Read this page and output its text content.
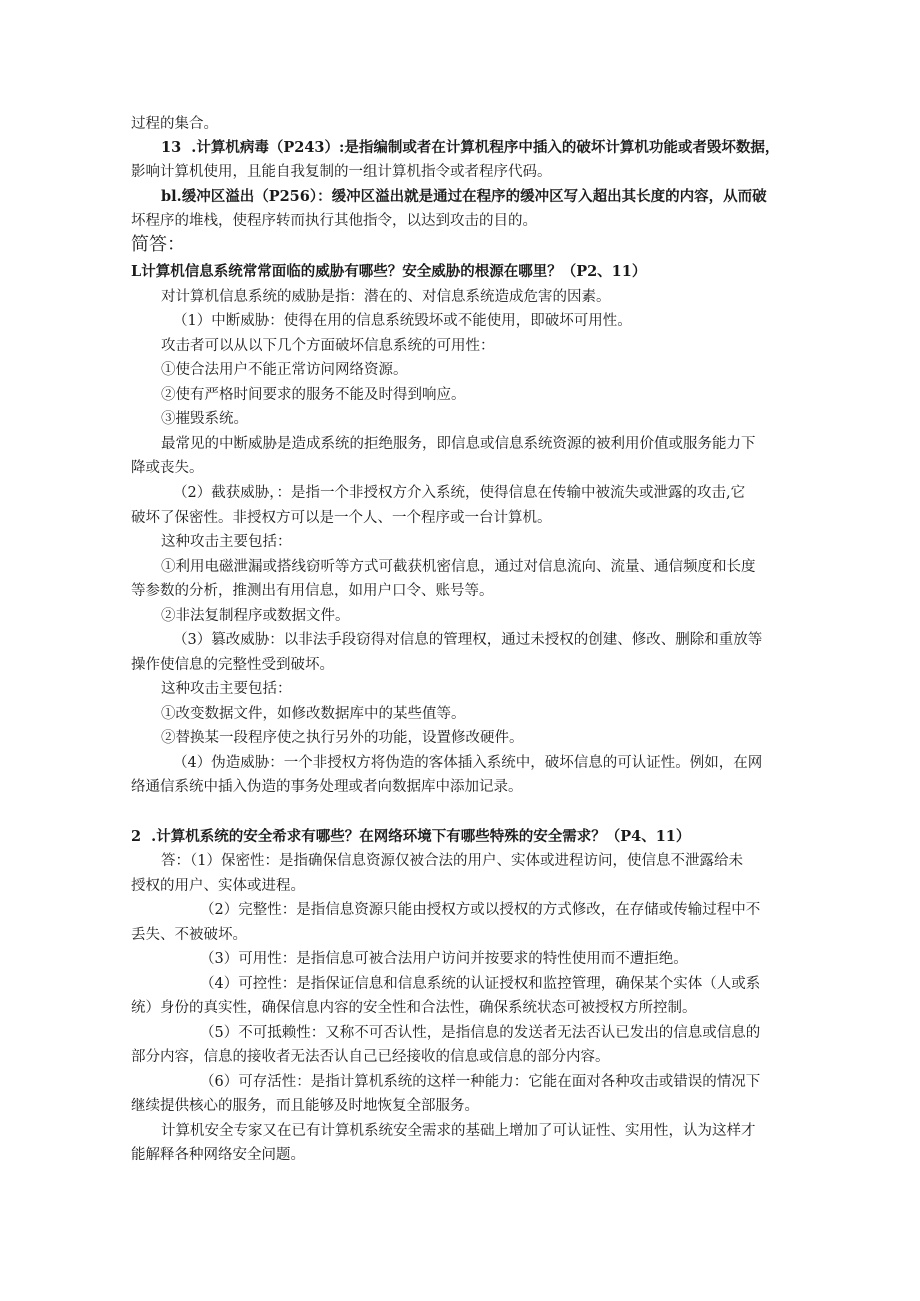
过程的集合。
13  .计算机病毒（P243）:是指编制或者在计算机程序中插入的破坏计算机功能或者毁坏数据，
影响计算机使用，且能自我复制的一组计算机指令或者程序代码。
bl.缓冲区溢出（P256）：缓冲区溢出就是通过在程序的缓冲区写入超出其长度的内容，从而破
坏程序的堆栈，使程序转而执行其他指令，以达到攻击的目的。
简答：
L计算机信息系统常常面临的威胁有哪些？安全威胁的根源在哪里？（P2、11）
对计算机信息系统的威胁是指：潜在的、对信息系统造成危害的因素。
（1）中断威胁：使得在用的信息系统毁坏或不能使用，即破坏可用性。
攻击者可以从以下几个方面破坏信息系统的可用性：
①使合法用户不能正常访问网络资源。
②使有严格时间要求的服务不能及时得到响应。
③摧毁系统。
最常见的中断威胁是造成系统的拒绝服务，即信息或信息系统资源的被利用价值或服务能力下
降或丧失。
（2）截获威胁，：是指一个非授权方介入系统，使得信息在传输中被流失或泄露的攻击,它
破坏了保密性。非授权方可以是一个人、一个程序或一台计算机。
这种攻击主要包括：
①利用电磁泄漏或搭线窃听等方式可截获机密信息，通过对信息流向、流量、通信频度和长度
等参数的分析，推测出有用信息，如用户口令、账号等。
②非法复制程序或数据文件。
（3）篡改威胁：以非法手段窃得对信息的管理权，通过未授权的创建、修改、删除和重放等
操作使信息的完整性受到破坏。
这种攻击主要包括：
①改变数据文件，如修改数据库中的某些值等。
②替换某一段程序使之执行另外的功能，设置修改硬件。
（4）伪造威胁：一个非授权方将伪造的客体插入系统中，破坏信息的可认证性。例如，在网
络通信系统中插入伪造的事务处理或者向数据库中添加记录。
2  .计算机系统的安全希求有哪些？在网络环境下有哪些特殊的安全需求？（P4、11）
答：（1）保密性：是指确保信息资源仅被合法的用户、实体或进程访问，使信息不泄露给未
授权的用户、实体或进程。
（2）完整性：是指信息资源只能由授权方或以授权的方式修改，在存储或传输过程中不
丢失、不被破坏。
（3）可用性：是指信息可被合法用户访问并按要求的特性使用而不遭拒绝。
（4）可控性：是指保证信息和信息系统的认证授权和监控管理，确保某个实体（人或系
统）身份的真实性，确保信息内容的安全性和合法性，确保系统状态可被授权方所控制。
（5）不可抵赖性：又称不可否认性，是指信息的发送者无法否认已发出的信息或信息的
部分内容，信息的接收者无法否认自己已经接收的信息或信息的部分内容。
（6）可存活性：是指计算机系统的这样一种能力：它能在面对各种攻击或错误的情况下
继续提供核心的服务，而且能够及时地恢复全部服务。
计算机安全专家又在已有计算机系统安全需求的基础上增加了可认证性、实用性，认为这样才
能解释各种网络安全问题。
